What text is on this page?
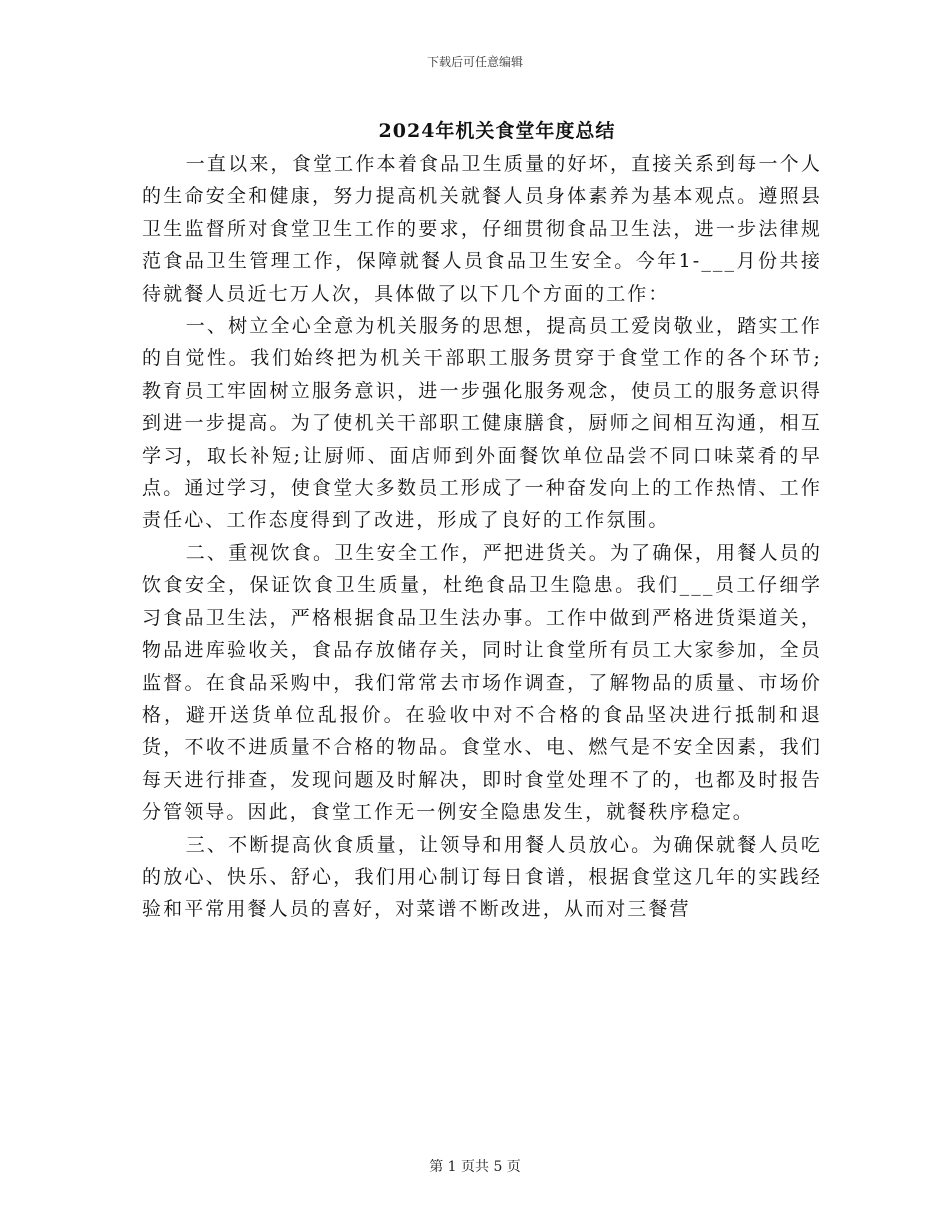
下载后可任意编辑
2024年机关食堂年度总结

一直以来，食堂工作本着食品卫生质量的好坏，直接关系到每一个人的生命安全和健康，努力提高机关就餐人员身体素养为基本观点。遵照县卫生监督所对食堂卫生工作的要求，仔细贯彻食品卫生法，进一步法律规范食品卫生管理工作，保障就餐人员食品卫生安全。今年1-___月份共接待就餐人员近七万人次，具体做了以下几个方面的工作：

一、树立全心全意为机关服务的思想，提高员工爱岗敬业，踏实工作的自觉性。我们始终把为机关干部职工服务贯穿于食堂工作的各个环节;教育员工牢固树立服务意识，进一步强化服务观念，使员工的服务意识得到进一步提高。为了使机关干部职工健康膳食，厨师之间相互沟通，相互学习，取长补短;让厨师、面店师到外面餐饮单位品尝不同口味菜肴的早点。通过学习，使食堂大多数员工形成了一种奋发向上的工作热情、工作责任心、工作态度得到了改进，形成了良好的工作氛围。

二、重视饮食。卫生安全工作，严把进货关。为了确保，用餐人员的饮食安全，保证饮食卫生质量，杜绝食品卫生隐患。我们___员工仔细学习食品卫生法，严格根据食品卫生法办事。工作中做到严格进货渠道关，物品进库验收关，食品存放储存关，同时让食堂所有员工大家参加，全员监督。在食品采购中，我们常常去市场作调查，了解物品的质量、市场价格，避开送货单位乱报价。在验收中对不合格的食品坚决进行抵制和退货，不收不进质量不合格的物品。食堂水、电、燃气是不安全因素，我们每天进行排查，发现问题及时解决，即时食堂处理不了的，也都及时报告分管领导。因此，食堂工作无一例安全隐患发生，就餐秩序稳定。

三、不断提高伙食质量，让领导和用餐人员放心。为确保就餐人员吃的放心、快乐、舒心，我们用心制订每日食谱，根据食堂这几年的实践经验和平常用餐人员的喜好，对菜谱不断改进，从而对三餐营

第 1 页共 5 页
